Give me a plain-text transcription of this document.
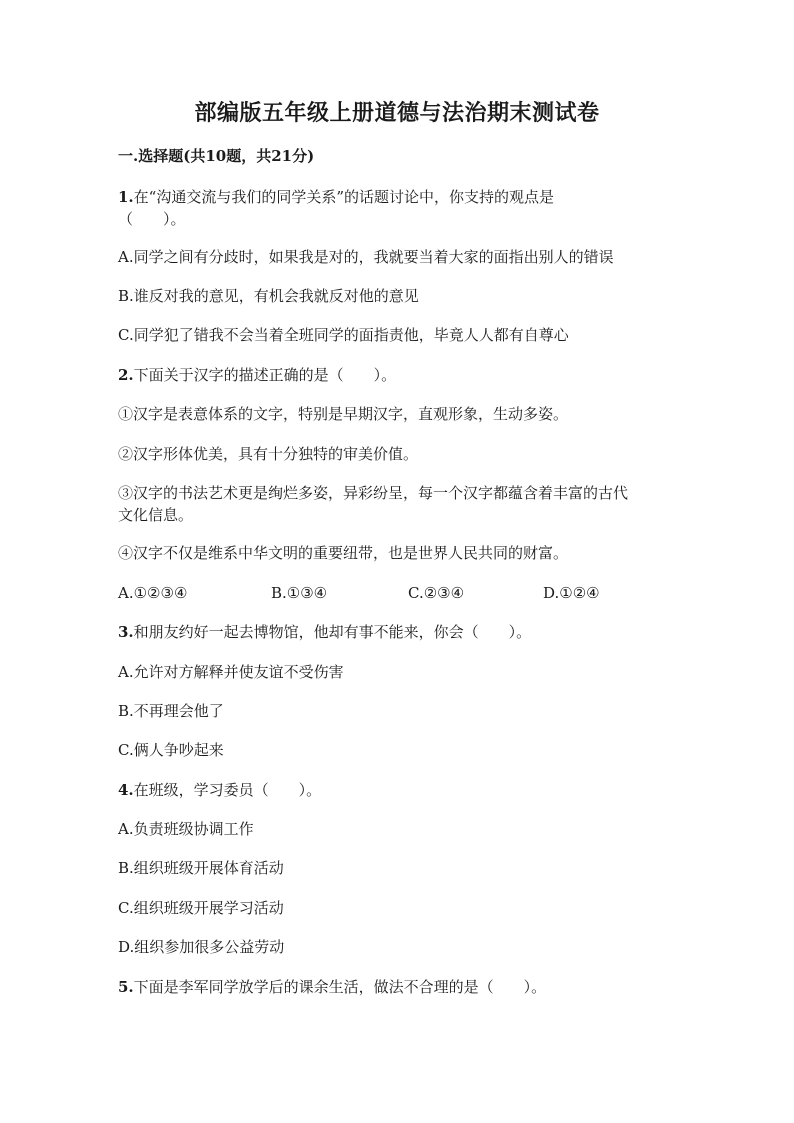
部编版五年级上册道德与法治期末测试卷
一.选择题(共10题，共21分)
1.在“沟通交流与我们的同学关系”的话题讨论中，你支持的观点是
（　　）。
A.同学之间有分歧时，如果我是对的，我就要当着大家的面指出别人的错误
B.谁反对我的意见，有机会我就反对他的意见
C.同学犯了错我不会当着全班同学的面指责他，毕竟人人都有自尊心
2.下面关于汉字的描述正确的是（　　）。
①汉字是表意体系的文字，特别是早期汉字，直观形象，生动多姿。
②汉字形体优美，具有十分独特的审美价值。
③汉字的书法艺术更是绚烂多姿，异彩纷呈，每一个汉字都蕴含着丰富的古代
文化信息。
④汉字不仅是维系中华文明的重要纽带，也是世界人民共同的财富。
A.①②③④	B.①③④	C.②③④	D.①②④
3.和朋友约好一起去博物馆，他却有事不能来，你会（　　）。
A.允许对方解释并使友谊不受伤害
B.不再理会他了
C.俩人争吵起来
4.在班级，学习委员（　　）。
A.负责班级协调工作
B.组织班级开展体育活动
C.组织班级开展学习活动
D.组织参加很多公益劳动
5.下面是李军同学放学后的课余生活，做法不合理的是（　　）。
